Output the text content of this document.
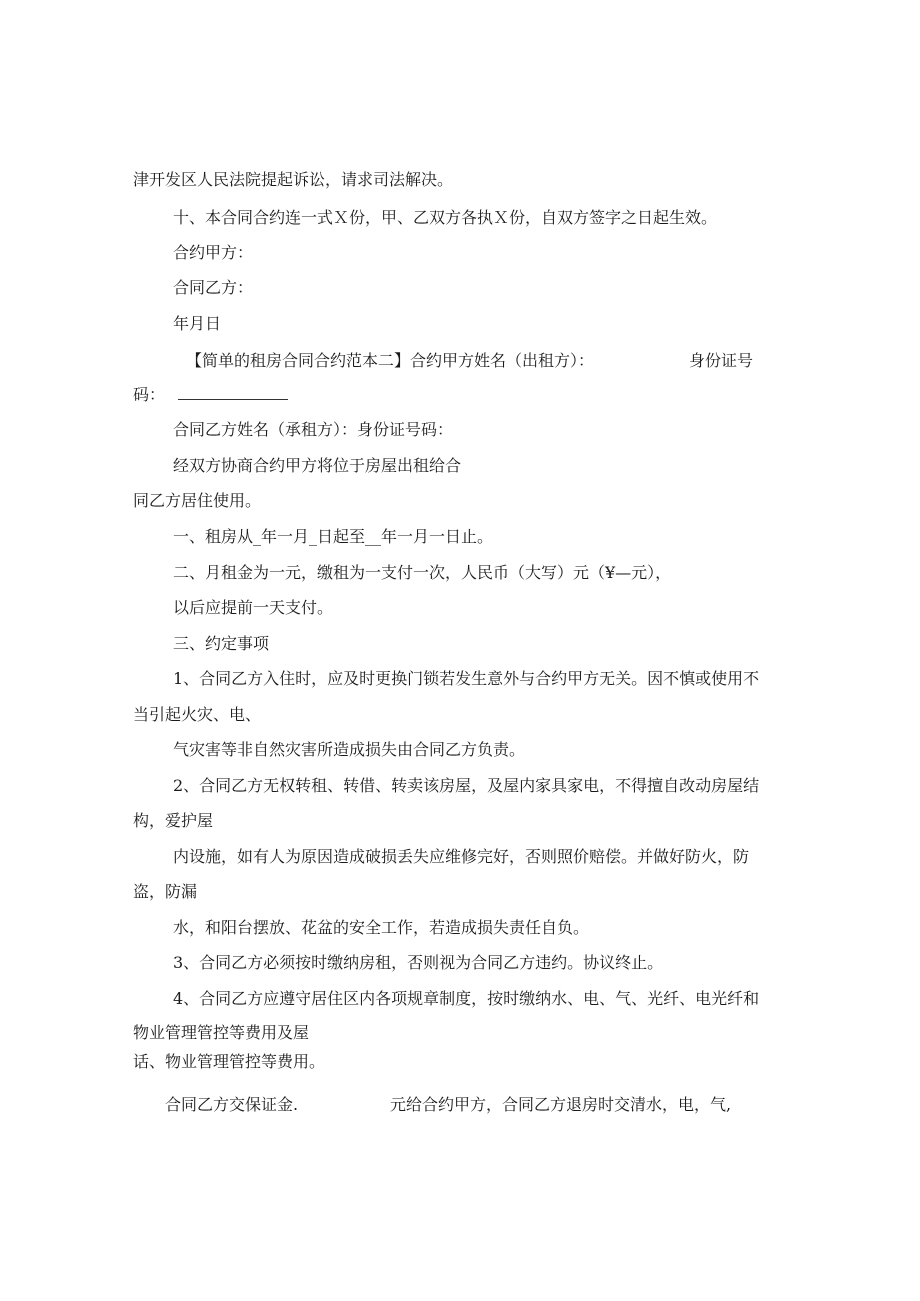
津开发区人民法院提起诉讼，请求司法解决。
十、本合同合约连一式Ｘ份，甲、乙双方各执Ｘ份，自双方签字之日起生效。
合约甲方：
合同乙方：
年月日
【简单的租房合同合约范本二】合约甲方姓名（出租方）：	身份证号
码：
合同乙方姓名（承租方）：身份证号码：
经双方协商合约甲方将位于房屋出租给合
同乙方居住使用。
一、租房从_年一月_日起至__年一月一日止。
二、月租金为一元，缴租为一支付一次，人民币（大写）元（¥—元），
以后应提前一天支付。
三、约定事项
1、合同乙方入住时，应及时更换门锁若发生意外与合约甲方无关。因不慎或使用不
当引起火灾、电、
气灾害等非自然灾害所造成损失由合同乙方负责。
2、合同乙方无权转租、转借、转卖该房屋，及屋内家具家电，不得擅自改动房屋结
构，爱护屋
内设施，如有人为原因造成破损丢失应维修完好，否则照价赔偿。并做好防火，防
盗，防漏
水，和阳台摆放、花盆的安全工作，若造成损失责任自负。
3、合同乙方必须按时缴纳房租，否则视为合同乙方违约。协议终止。
4、合同乙方应遵守居住区内各项规章制度，按时缴纳水、电、气、光纤、电光纤和
物业管理管控等费用及屋
话、物业管理管控等费用。
合同乙方交保证金.	元给合约甲方，合同乙方退房时交清水，电，气,
